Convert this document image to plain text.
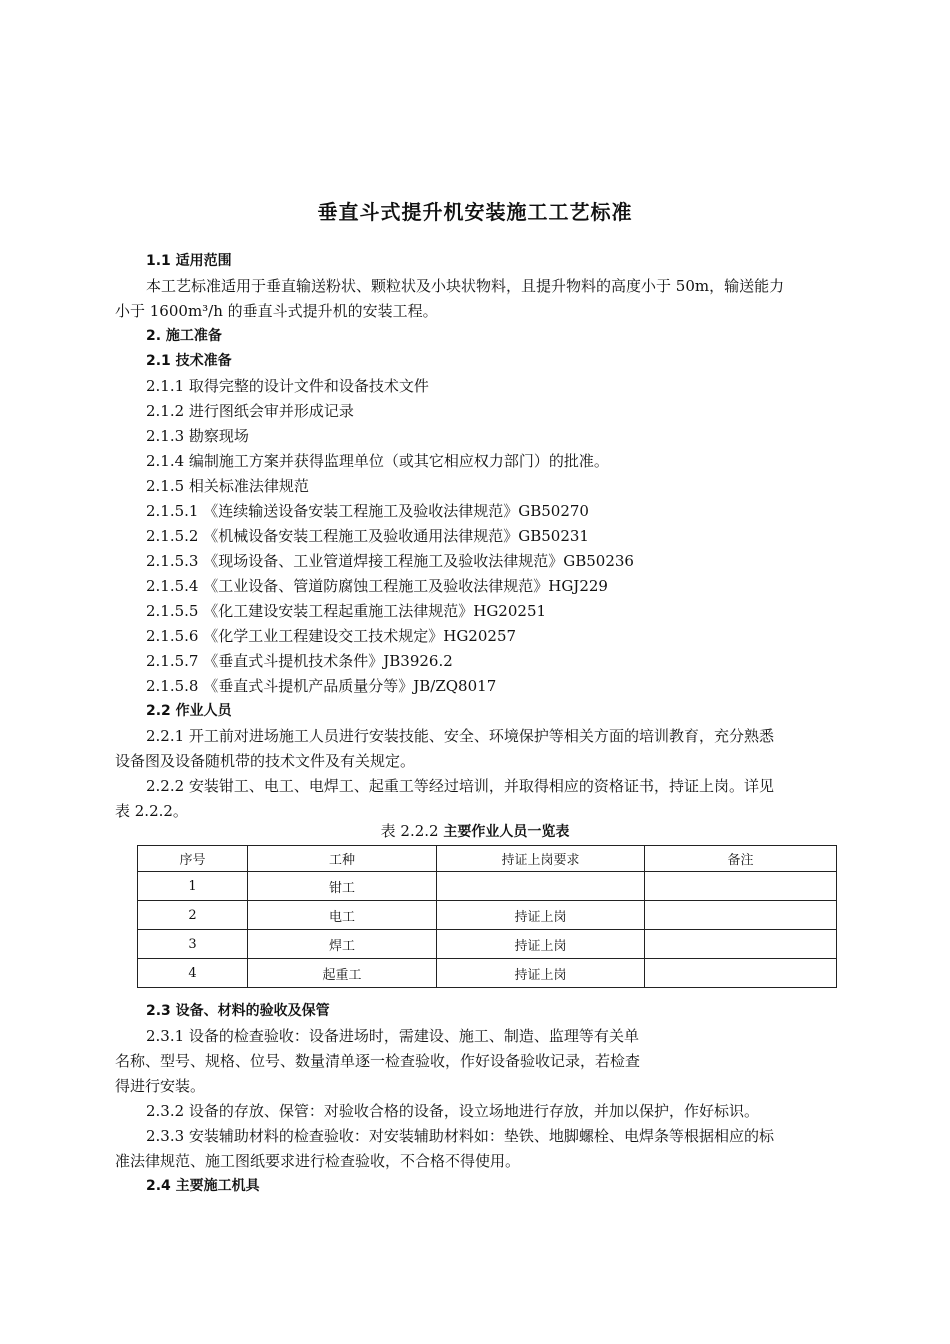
垂直斗式提升机安装施工工艺标准
1.1 适用范围
本工艺标准适用于垂直输送粉状、颗粒状及小块状物料，且提升物料的高度小于 50m，输送能力
小于 1600m³/h 的垂直斗式提升机的安装工程。
2. 施工准备
2.1 技术准备
2.1.1 取得完整的设计文件和设备技术文件
2.1.2 进行图纸会审并形成记录
2.1.3 勘察现场
2.1.4 编制施工方案并获得监理单位（或其它相应权力部门）的批准。
2.1.5 相关标准法律规范
2.1.5.1 《连续输送设备安装工程施工及验收法律规范》GB50270
2.1.5.2 《机械设备安装工程施工及验收通用法律规范》GB50231
2.1.5.3 《现场设备、工业管道焊接工程施工及验收法律规范》GB50236
2.1.5.4 《工业设备、管道防腐蚀工程施工及验收法律规范》HGJ229
2.1.5.5 《化工建设安装工程起重施工法律规范》HG20251
2.1.5.6 《化学工业工程建设交工技术规定》HG20257
2.1.5.7 《垂直式斗提机技术条件》JB3926.2
2.1.5.8 《垂直式斗提机产品质量分等》JB/ZQ8017
2.2 作业人员
2.2.1 开工前对进场施工人员进行安装技能、安全、环境保护等相关方面的培训教育，充分熟悉
设备图及设备随机带的技术文件及有关规定。
2.2.2 安装钳工、电工、电焊工、起重工等经过培训，并取得相应的资格证书，持证上岗。详见
表 2.2.2。
表 2.2.2 主要作业人员一览表
序号	工种	持证上岗要求	备注
1	钳工		
2	电工	持证上岗	
3	焊工	持证上岗	
4	起重工	持证上岗	
2.3 设备、材料的验收及保管
2.3.1 设备的检查验收：设备进场时，需建设、施工、制造、监理等有关单
名称、型号、规格、位号、数量清单逐一检查验收，作好设备验收记录，若检查
得进行安装。
2.3.2 设备的存放、保管：对验收合格的设备，设立场地进行存放，并加以保护，作好标识。
2.3.3 安装辅助材料的检查验收：对安装辅助材料如：垫铁、地脚螺栓、电焊条等根据相应的标
准法律规范、施工图纸要求进行检查验收，不合格不得使用。
2.4 主要施工机具
